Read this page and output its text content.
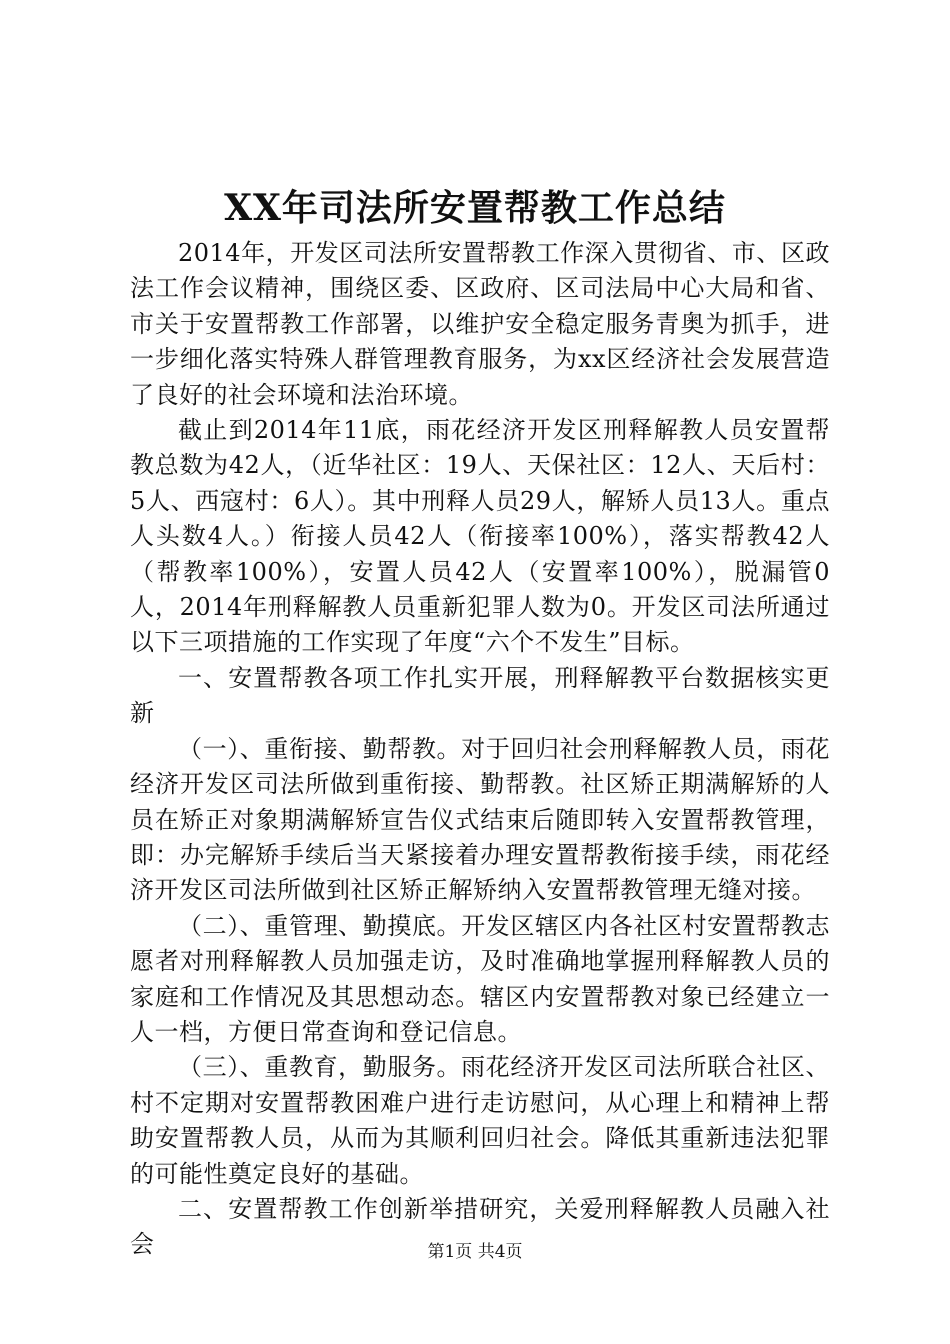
XX年司法所安置帮教工作总结

2014年，开发区司法所安置帮教工作深入贯彻省、市、区政法工作会议精神，围绕区委、区政府、区司法局中心大局和省、市关于安置帮教工作部署，以维护安全稳定服务青奥为抓手，进一步细化落实特殊人群管理教育服务，为xx区经济社会发展营造了良好的社会环境和法治环境。

截止到2014年11底，雨花经济开发区刑释解教人员安置帮教总数为42人，（近华社区：19人、天保社区：12人、天后村：5人、西寇村：6人）。其中刑释人员29人，解矫人员13人。重点人头数4人。）衔接人员42人（衔接率100%），落实帮教42人（帮教率100%），安置人员42人（安置率100%），脱漏管0人，2014年刑释解教人员重新犯罪人数为0。开发区司法所通过以下三项措施的工作实现了年度“六个不发生”目标。

一、安置帮教各项工作扎实开展，刑释解教平台数据核实更新

（一）、重衔接、勤帮教。对于回归社会刑释解教人员，雨花经济开发区司法所做到重衔接、勤帮教。社区矫正期满解矫的人员在矫正对象期满解矫宣告仪式结束后随即转入安置帮教管理，即：办完解矫手续后当天紧接着办理安置帮教衔接手续，雨花经济开发区司法所做到社区矫正解矫纳入安置帮教管理无缝对接。

（二）、重管理、勤摸底。开发区辖区内各社区村安置帮教志愿者对刑释解教人员加强走访，及时准确地掌握刑释解教人员的家庭和工作情况及其思想动态。辖区内安置帮教对象已经建立一人一档，方便日常查询和登记信息。

（三）、重教育，勤服务。雨花经济开发区司法所联合社区、村不定期对安置帮教困难户进行走访慰问，从心理上和精神上帮助安置帮教人员，从而为其顺利回归社会。降低其重新违法犯罪的可能性奠定良好的基础。

二、安置帮教工作创新举措研究，关爱刑释解教人员融入社会	第1页 共4页
